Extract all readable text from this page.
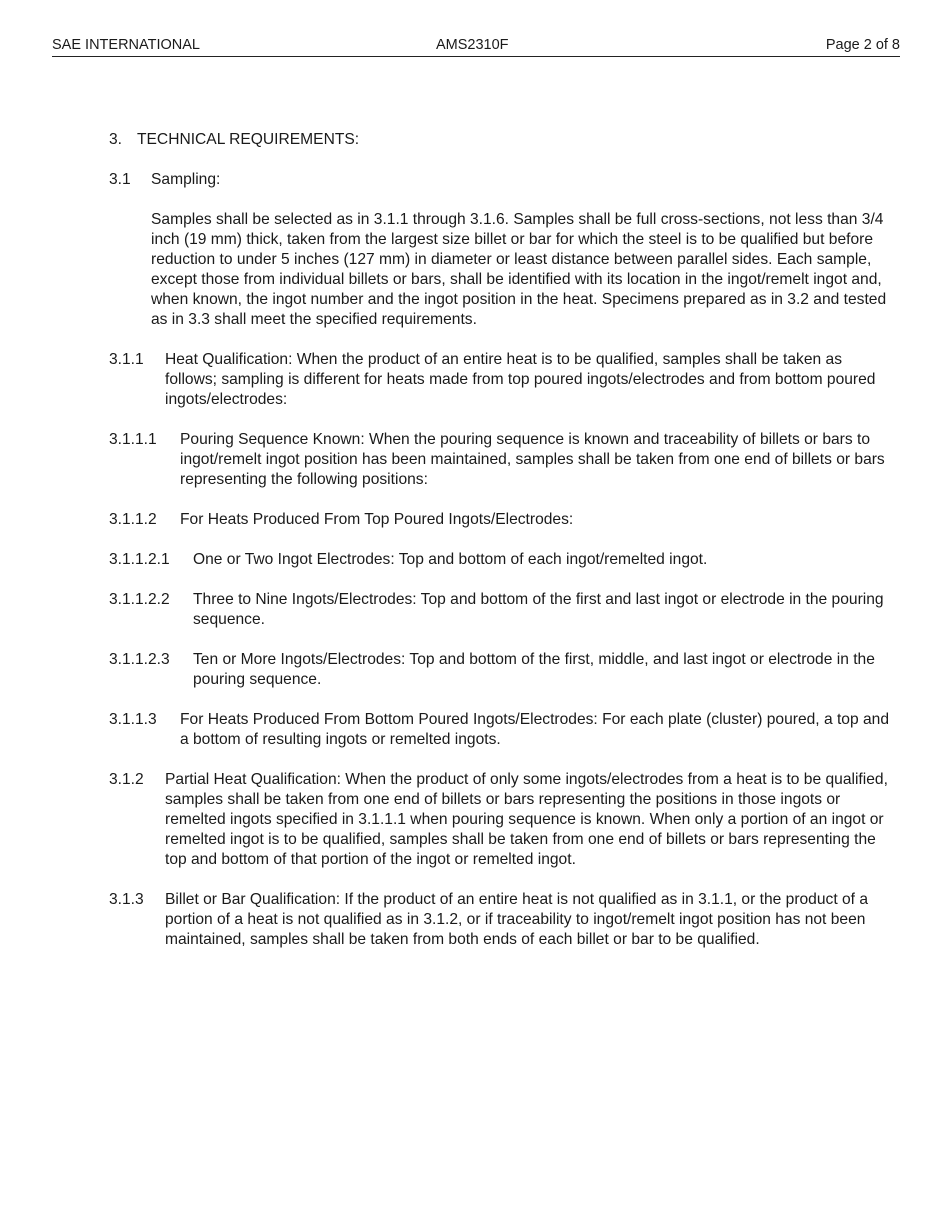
SAE INTERNATIONAL	AMS2310F	Page 2 of 8
3. TECHNICAL REQUIREMENTS:
3.1	Sampling:
Samples shall be selected as in 3.1.1 through 3.1.6. Samples shall be full cross-sections, not less than 3/4 inch (19 mm) thick, taken from the largest size billet or bar for which the steel is to be qualified but before reduction to under 5 inches (127 mm) in diameter or least distance between parallel sides. Each sample, except those from individual billets or bars, shall be identified with its location in the ingot/remelt ingot and, when known, the ingot number and the ingot position in the heat. Specimens prepared as in 3.2 and tested as in 3.3 shall meet the specified requirements.
3.1.1	Heat Qualification: When the product of an entire heat is to be qualified, samples shall be taken as follows; sampling is different for heats made from top poured ingots/electrodes and from bottom poured ingots/electrodes:
3.1.1.1	Pouring Sequence Known: When the pouring sequence is known and traceability of billets or bars to ingot/remelt ingot position has been maintained, samples shall be taken from one end of billets or bars representing the following positions:
3.1.1.2	For Heats Produced From Top Poured Ingots/Electrodes:
3.1.1.2.1	One or Two Ingot Electrodes: Top and bottom of each ingot/remelted ingot.
3.1.1.2.2	Three to Nine Ingots/Electrodes: Top and bottom of the first and last ingot or electrode in the pouring sequence.
3.1.1.2.3	Ten or More Ingots/Electrodes: Top and bottom of the first, middle, and last ingot or electrode in the pouring sequence.
3.1.1.3	For Heats Produced From Bottom Poured Ingots/Electrodes: For each plate (cluster) poured, a top and a bottom of resulting ingots or remelted ingots.
3.1.2	Partial Heat Qualification: When the product of only some ingots/electrodes from a heat is to be qualified, samples shall be taken from one end of billets or bars representing the positions in those ingots or remelted ingots specified in 3.1.1.1 when pouring sequence is known. When only a portion of an ingot or remelted ingot is to be qualified, samples shall be taken from one end of billets or bars representing the top and bottom of that portion of the ingot or remelted ingot.
3.1.3	Billet or Bar Qualification: If the product of an entire heat is not qualified as in 3.1.1, or the product of a portion of a heat is not qualified as in 3.1.2, or if traceability to ingot/remelt ingot position has not been maintained, samples shall be taken from both ends of each billet or bar to be qualified.
